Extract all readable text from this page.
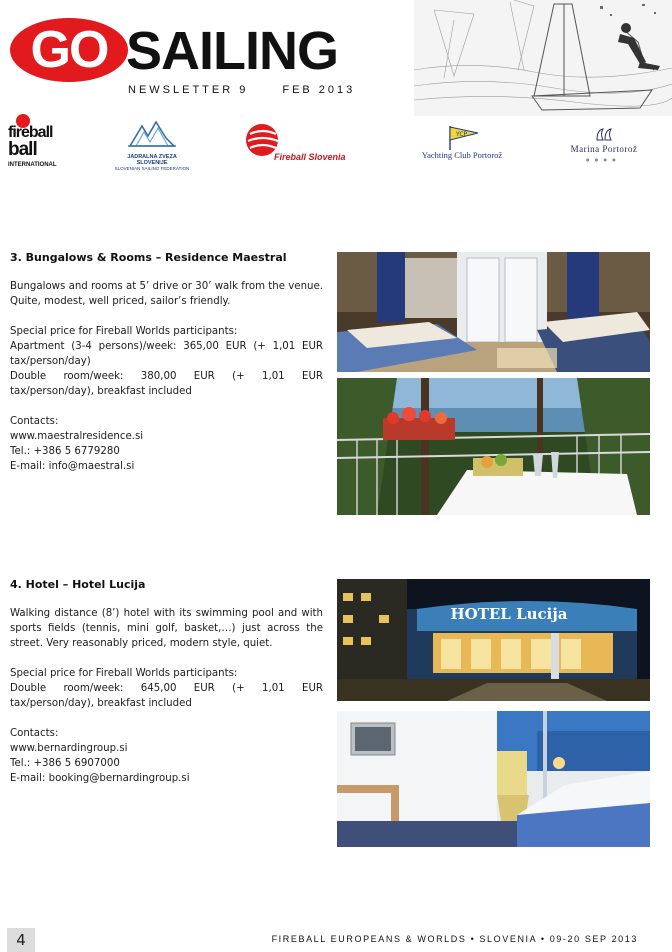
GO SAILING
NEWSLETTER 9	FEB 2013
fireball
ball
INTERNATIONAL
JADRALNA ZVEZA SLOVENIJE
SLOVENIAN SAILING FEDERATION
Fireball Slovenia
YCP
Yachting Club Portorož
Marina Portorož
● ● ● ●
3. Bungalows & Rooms – Residence Maestral

Bungalows and rooms at 5’ drive or 30’ walk from the venue. Quite, modest, well priced, sailor’s friendly.

Special price for Fireball Worlds participants:

Apartment (3-4 persons)/week: 365,00 EUR (+ 1,01 EUR tax/person/day)

Double room/week: 380,00 EUR (+ 1,01 EUR tax/person/day), breakfast included

Contacts:

www.maestralresidence.si

Tel.: +386 5 6779280

E-mail: info@maestral.si

4. Hotel – Hotel Lucija

Walking distance (8’) hotel with its swimming pool and with sports fields (tennis, mini golf, basket,…) just across the street. Very reasonably priced, modern style, quiet.

Special price for Fireball Worlds participants:

Double room/week: 645,00 EUR (+ 1,01 EUR tax/person/day), breakfast included

Contacts:

www.bernardingroup.si

Tel.: +386 5 6907000

E-mail: booking@bernardingroup.si

HOTEL Lucija
4	FIREBALL EUROPEANS & WORLDS • SLOVENIA • 09-20 SEP 2013
